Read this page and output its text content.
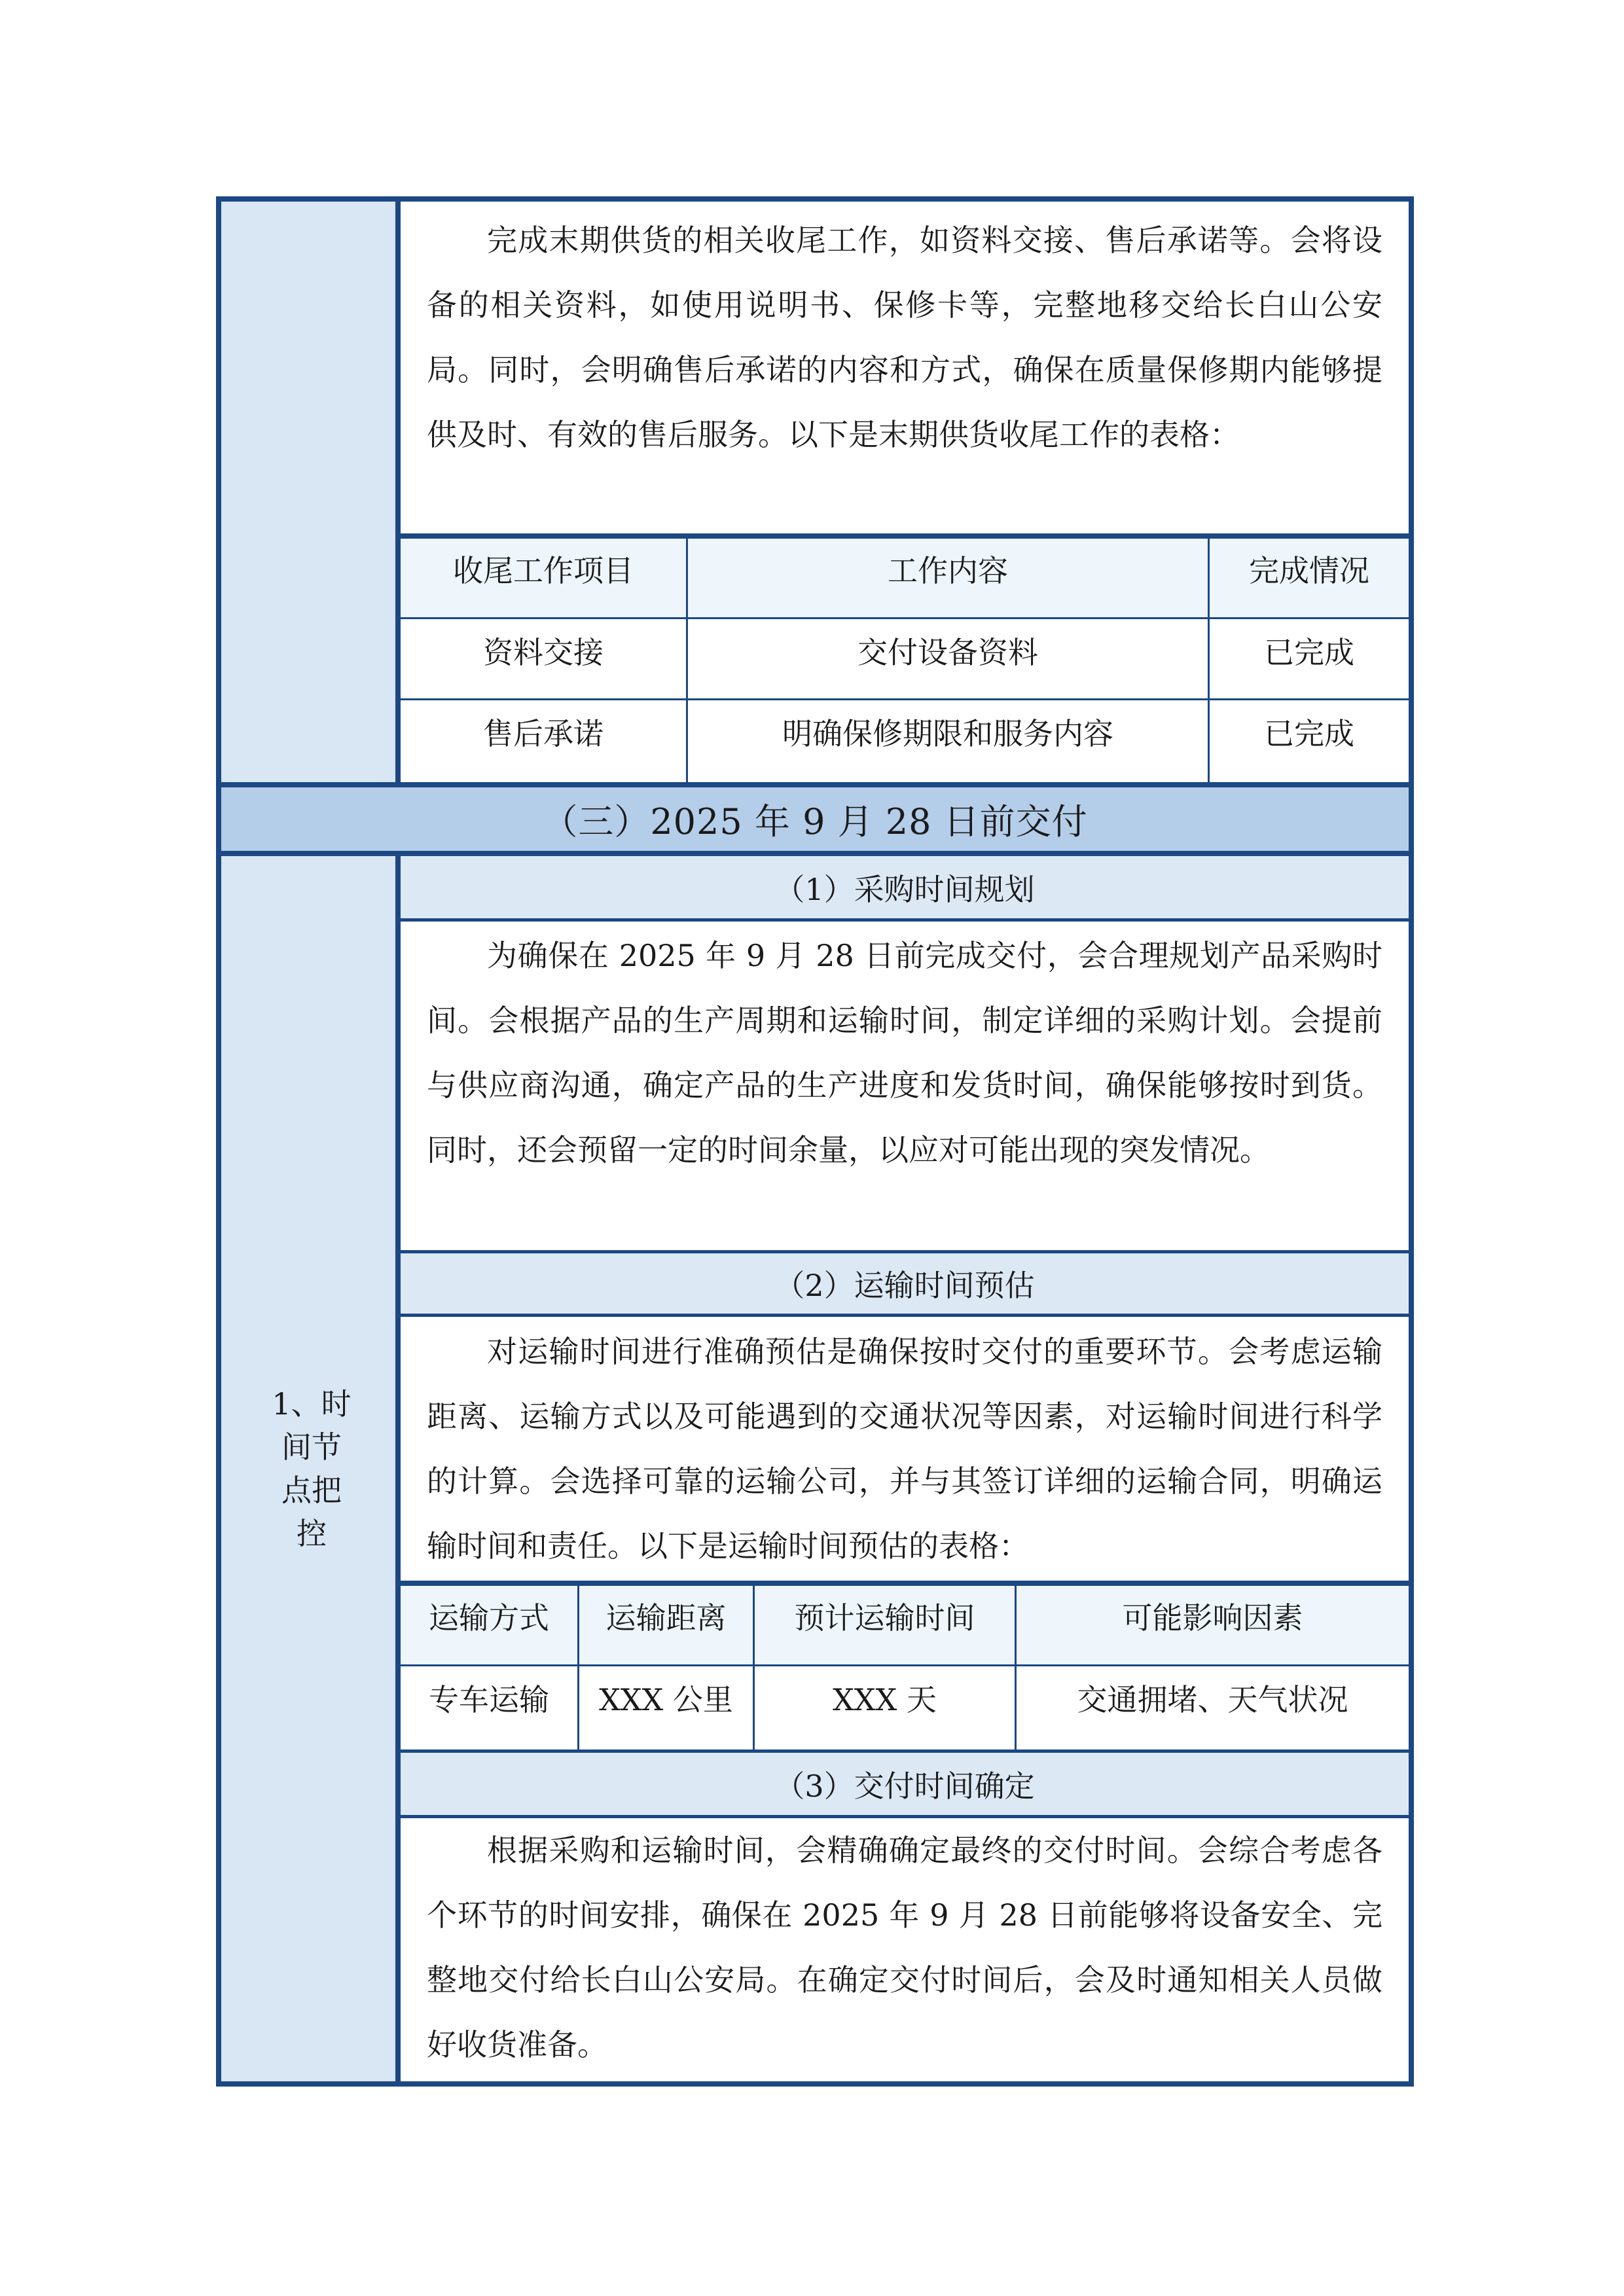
完成末期供货的相关收尾工作，如资料交接、售后承诺等。会将设备的相关资料，如使用说明书、保修卡等，完整地移交给长白山公安局。同时，会明确售后承诺的内容和方式，确保在质量保修期内能够提供及时、有效的售后服务。以下是末期供货收尾工作的表格：

收尾工作项目	工作内容	完成情况
资料交接	交付设备资料	已完成
售后承诺	明确保修期限和服务内容	已完成
（三）2025 年 9 月 28 日前交付
1、时间节点把控
（1）采购时间规划

为确保在 2025 年 9 月 28 日前完成交付，会合理规划产品采购时间。会根据产品的生产周期和运输时间，制定详细的采购计划。会提前与供应商沟通，确定产品的生产进度和发货时间，确保能够按时到货。同时，还会预留一定的时间余量，以应对可能出现的突发情况。

（2）运输时间预估

对运输时间进行准确预估是确保按时交付的重要环节。会考虑运输距离、运输方式以及可能遇到的交通状况等因素，对运输时间进行科学的计算。会选择可靠的运输公司，并与其签订详细的运输合同，明确运输时间和责任。以下是运输时间预估的表格：

运输方式	运输距离	预计运输时间	可能影响因素
专车运输	XXX 公里	XXX 天	交通拥堵、天气状况
（3）交付时间确定

根据采购和运输时间，会精确确定最终的交付时间。会综合考虑各个环节的时间安排，确保在 2025 年 9 月 28 日前能够将设备安全、完整地交付给长白山公安局。在确定交付时间后，会及时通知相关人员做好收货准备。
